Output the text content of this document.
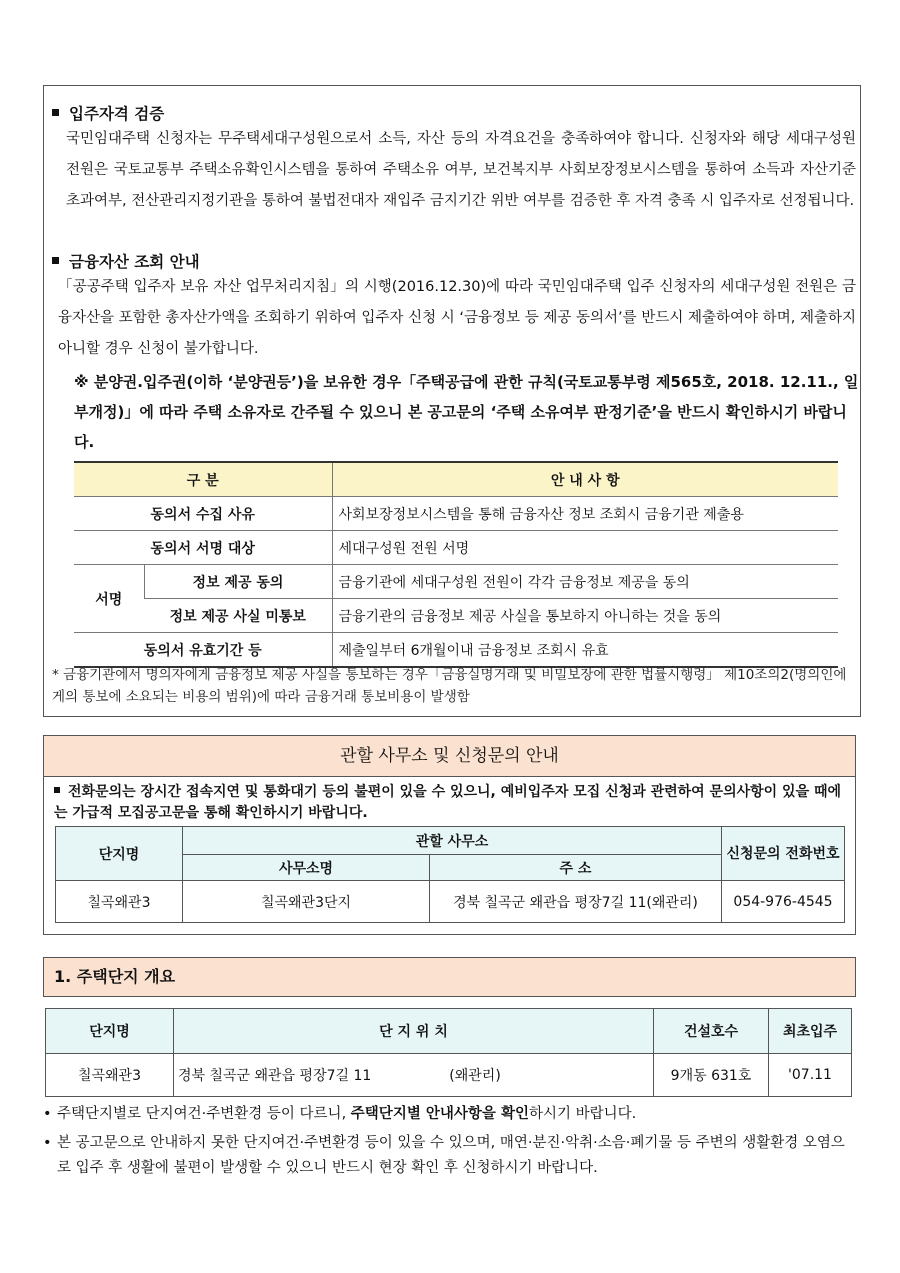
입주자격 검증
국민임대주택 신청자는 무주택세대구성원으로서 소득, 자산 등의 자격요건을 충족하여야 합니다. 신청자와 해당 세대구성원 전원은 국토교통부 주택소유확인시스템을 통하여 주택소유 여부, 보건복지부 사회보장정보시스템을 통하여 소득과 자산기준 초과여부, 전산관리지정기관을 통하여 불법전대자 재입주 금지기간 위반 여부를 검증한 후 자격 충족 시 입주자로 선정됩니다.
금융자산 조회 안내
「공공주택 입주자 보유 자산 업무처리지침」의 시행(2016.12.30)에 따라 국민임대주택 입주 신청자의 세대구성원 전원은 금융자산을 포함한 총자산가액을 조회하기 위하여 입주자 신청 시 ‘금융정보 등 제공 동의서’를 반드시 제출하여야 하며, 제출하지 아니할 경우 신청이 불가합니다.
※ 분양권.입주권(이하 ‘분양권등’)을 보유한 경우「주택공급에 관한 규칙(국토교통부령 제565호, 2018. 12.11., 일부개정)」에 따라 주택 소유자로 간주될 수 있으니 본 공고문의 ‘주택 소유여부 판정기준’을 반드시 확인하시기 바랍니다.
구 분		안 내 사 항
동의서 수집 사유		사회보장정보시스템을 통해 금융자산 정보 조회시 금융기관 제출용
동의서 서명 대상		세대구성원 전원 서명
서명	정보 제공 동의	금융기관에 세대구성원 전원이 각각 금융정보 제공을 동의
	정보 제공 사실 미통보	금융기관의 금융정보 제공 사실을 통보하지 아니하는 것을 동의
동의서 유효기간 등		제출일부터 6개월이내 금융정보 조회시 유효
* 금융기관에서 명의자에게 금융정보 제공 사실을 통보하는 경우「금융실명거래 및 비밀보장에 관한 법률시행령」 제10조의2(명의인에게의 통보에 소요되는 비용의 범위)에 따라 금융거래 통보비용이 발생함
관할 사무소 및 신청문의 안내
전화문의는 장시간 접속지연 및 통화대기 등의 불편이 있을 수 있으니, 예비입주자 모집 신청과 관련하여 문의사항이 있을 때에는 가급적 모집공고문을 통해 확인하시기 바랍니다.
단지명	관할 사무소		신청문의 전화번호
	사무소명	주 소	
칠곡왜관3	칠곡왜관3단지	경북 칠곡군 왜관읍 평장7길 11(왜관리)	054-976-4545
1. 주택단지 개요
단지명	단 지 위 치	건설호수	최초입주
칠곡왜관3	경북 칠곡군 왜관읍 평장7길 11 (왜관리)	9개동 631호	'07.11
• 주택단지별로 단지여건·주변환경 등이 다르니, 주택단지별 안내사항을 확인하시기 바랍니다.
• 본 공고문으로 안내하지 못한 단지여건·주변환경 등이 있을 수 있으며, 매연·분진·악취·소음·폐기물 등 주변의 생활환경 오염으로 입주 후 생활에 불편이 발생할 수 있으니 반드시 현장 확인 후 신청하시기 바랍니다.
